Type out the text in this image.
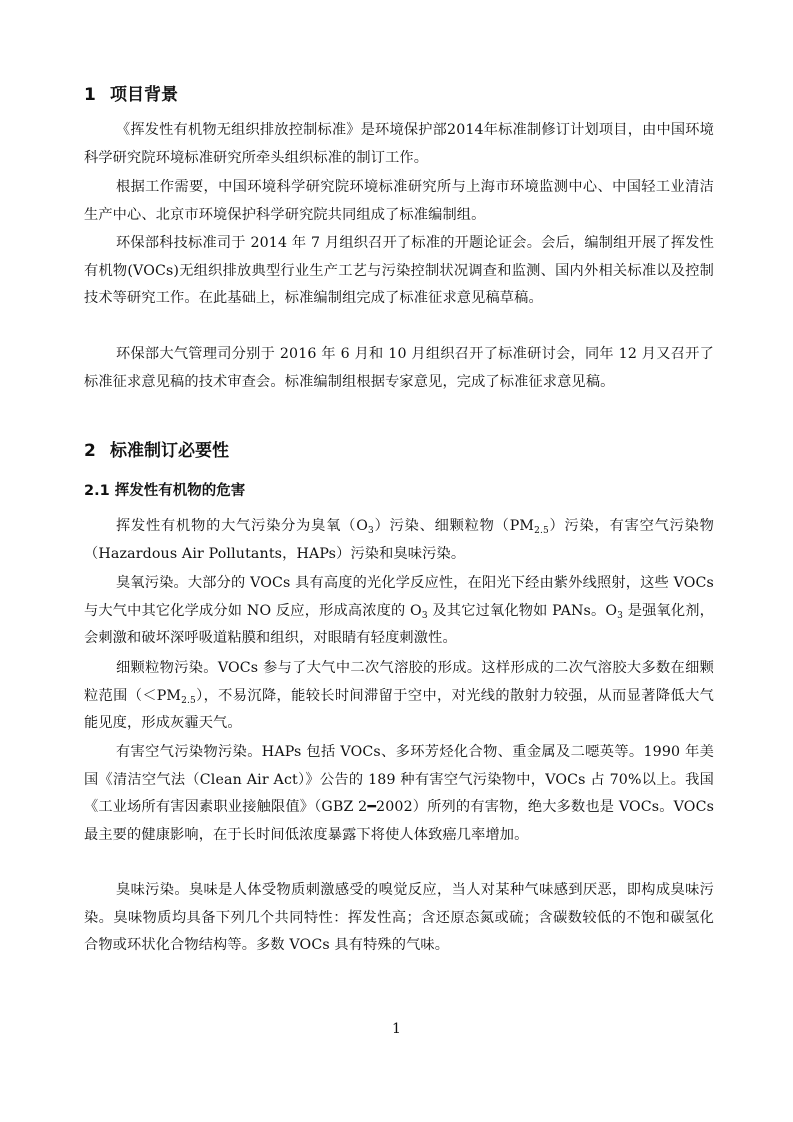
1 项目背景

《挥发性有机物无组织排放控制标准》是环境保护部2014年标准制修订计划项目，由中国环境科学研究院环境标准研究所牵头组织标准的制订工作。

根据工作需要，中国环境科学研究院环境标准研究所与上海市环境监测中心、中国轻工业清洁生产中心、北京市环境保护科学研究院共同组成了标准编制组。

环保部科技标准司于 2014 年 7 月组织召开了标准的开题论证会。会后，编制组开展了挥发性有机物(VOCs)无组织排放典型行业生产工艺与污染控制状况调查和监测、国内外相关标准以及控制技术等研究工作。在此基础上，标准编制组完成了标准征求意见稿草稿。

环保部大气管理司分别于 2016 年 6 月和 10 月组织召开了标准研讨会，同年 12 月又召开了标准征求意见稿的技术审查会。标准编制组根据专家意见，完成了标准征求意见稿。

2 标准制订必要性
2.1 挥发性有机物的危害

挥发性有机物的大气污染分为臭氧$(O_3)$污染、细颗粒物$(PM_{2.5})$污染，有害空气污染物（Hazardous Air Pollutants，HAPs）污染和臭味污染。

臭氧污染。大部分的 VOCs 具有高度的光化学反应性，在阳光下经由紫外线照射，这些 VOCs 与大气中其它化学成分如 NO 反应，形成高浓度的 $O_3$ 及其它过氧化物如 PANs。$O_3$ 是强氧化剂，会刺激和破坏深呼吸道粘膜和组织，对眼睛有轻度刺激性。

细颗粒物污染。VOCs 参与了大气中二次气溶胶的形成。这样形成的二次气溶胶大多数在细颗粒范围$(<PM_{2.5})$，不易沉降，能较长时间滞留于空中，对光线的散射力较强，从而显著降低大气能见度，形成灰霾天气。

有害空气污染物污染。HAPs 包括 VOCs、多环芳烃化合物、重金属及二噁英等。1990 年美国《清洁空气法（Clean Air Act）》公告的 189 种有害空气污染物中，VOCs 占 70%以上。我国《工业场所有害因素职业接触限值》（GBZ 2━2002）所列的有害物，绝大多数也是 VOCs。VOCs 最主要的健康影响，在于长时间低浓度暴露下将使人体致癌几率增加。

臭味污染。臭味是人体受物质刺激感受的嗅觉反应，当人对某种气味感到厌恶，即构成臭味污染。臭味物质均具备下列几个共同特性：挥发性高；含还原态氮或硫；含碳数较低的不饱和碳氢化合物或环状化合物结构等。多数 VOCs 具有特殊的气味。

1
